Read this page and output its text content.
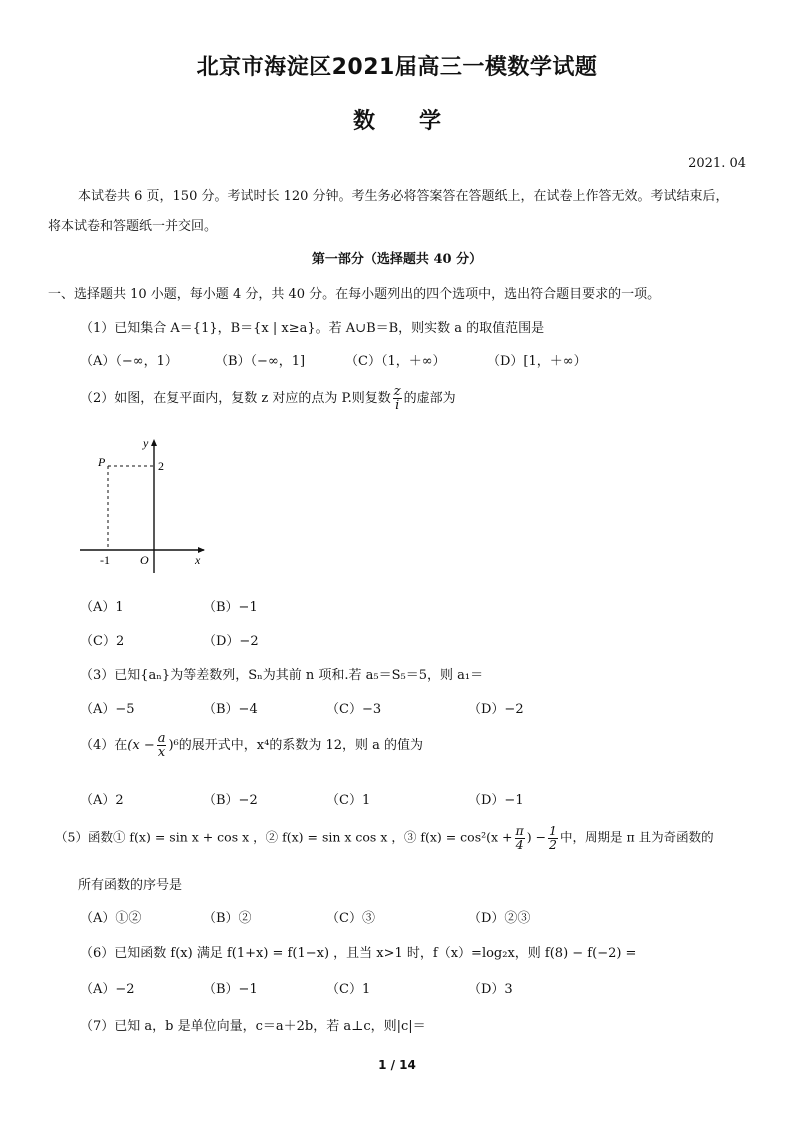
北京市海淀区2021届高三一模数学试题
数　　学
2021. 04
本试卷共 6 页，150 分。考试时长 120 分钟。考生务必将答案答在答题纸上，在试卷上作答无效。考试结束后，
将本试卷和答题纸一并交回。
第一部分（选择题共 40 分）
一、选择题共 10 小题，每小题 4 分，共 40 分。在每小题列出的四个选项中，选出符合题目要求的一项。
（1）已知集合 A＝{1}，B＝{x | x≥a}。若 A∪B＝B，则实数 a 的取值范围是
（A）（−∞，1）	（B）（−∞，1]	（C）（1，＋∞）	（D）[1，＋∞）
（2）如图，在复平面内，复数 z 对应的点为 P.则复数 $\frac{z}{i}$ 的虚部为
P
y
2
-1	O	x
（A）1	（B）−1
（C）2	（D）−2
（3）已知{aₙ}为等差数列，Sₙ为其前 n 项和.若 a₅＝S₅＝5，则 a₁＝
（A）−5	（B）−4	（C）−3	（D）−2
（4）在$(x - \frac{a}{x} )^6$的展开式中，x⁴的系数为 12，则 a 的值为
（A）2	（B）−2	（C）1	（D）−1
（5）函数① f(x) = sin x + cos x ，② f(x) = sin x cos x ，③ $f(x) = \cos^2(x + \frac{\pi}{4}$ ) − $\frac{1}{2}$ 中，周期是 π 且为奇函数的
所有函数的序号是
（A）①②	（B）②	（C）③	（D）②③
（6）已知函数 f(x) 满足 f(1+x) = f(1−x) ，且当 x>1 时，f（x）=log₂x，则 f(8) − f(−2) =
（A）−2	（B）−1	（C）1	（D）3
（7）已知 a，b 是单位向量，c＝a＋2b，若 a⊥c，则|c|＝
1 / 14
